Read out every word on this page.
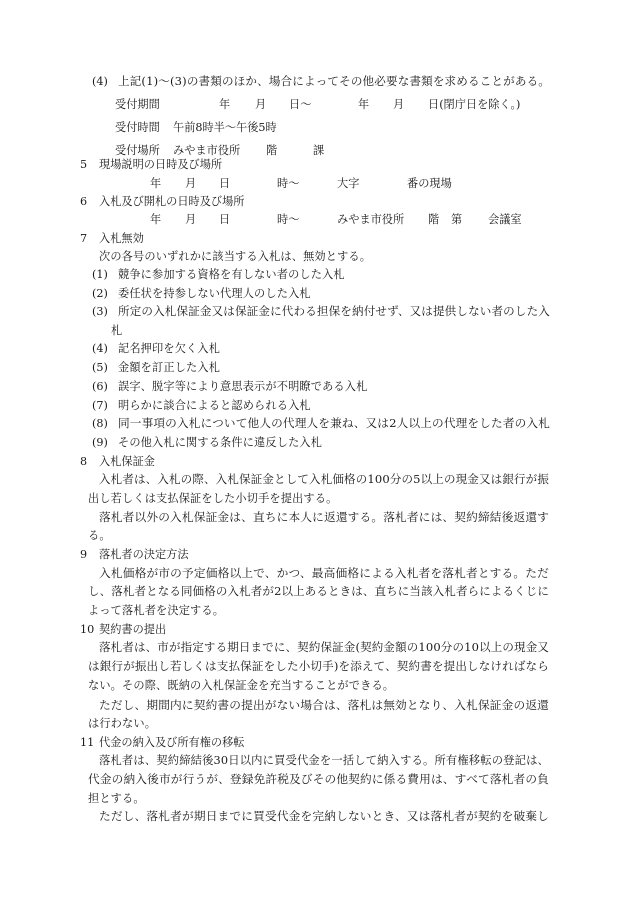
(4) 上記(1)～(3)の書類のほか、場合によってその他必要な書類を求めることがある。
受付期間	年 月 日～	年 月 日(閉庁日を除く。)
受付時間 午前8時半～午後5時
受付場所 みやま市役所 階	課
5 現場説明の日時及び場所
年 月 日	時～	大字	番の現場
6 入札及び開札の日時及び場所
年 月 日	時～	みやま市役所 階 第 会議室
7 入札無効
次の各号のいずれかに該当する入札は、無効とする。
(1) 競争に参加する資格を有しない者のした入札
(2) 委任状を持参しない代理人のした入札
(3) 所定の入札保証金又は保証金に代わる担保を納付せず、又は提供しない者のした入
札
(4) 記名押印を欠く入札
(5) 金額を訂正した入札
(6) 誤字、脱字等により意思表示が不明瞭である入札
(7) 明らかに談合によると認められる入札
(8) 同一事項の入札について他人の代理人を兼ね、又は2人以上の代理をした者の入札
(9) その他入札に関する条件に違反した入札
8 入札保証金
入札者は、入札の際、入札保証金として入札価格の100分の5以上の現金又は銀行が振
出し若しくは支払保証をした小切手を提出する。
落札者以外の入札保証金は、直ちに本人に返還する。落札者には、契約締結後返還す
る。
9 落札者の決定方法
入札価格が市の予定価格以上で、かつ、最高価格による入札者を落札者とする。ただ
し、落札者となる同価格の入札者が2以上あるときは、直ちに当該入札者らによるくじに
よって落札者を決定する。
10 契約書の提出
落札者は、市が指定する期日までに、契約保証金(契約金額の100分の10以上の現金又
は銀行が振出し若しくは支払保証をした小切手)を添えて、契約書を提出しなければなら
ない。その際、既納の入札保証金を充当することができる。
ただし、期間内に契約書の提出がない場合は、落札は無効となり、入札保証金の返還
は行わない。
11 代金の納入及び所有権の移転
落札者は、契約締結後30日以内に買受代金を一括して納入する。所有権移転の登記は、
代金の納入後市が行うが、登録免許税及びその他契約に係る費用は、すべて落札者の負
担とする。
ただし、落札者が期日までに買受代金を完納しないとき、又は落札者が契約を破棄し
